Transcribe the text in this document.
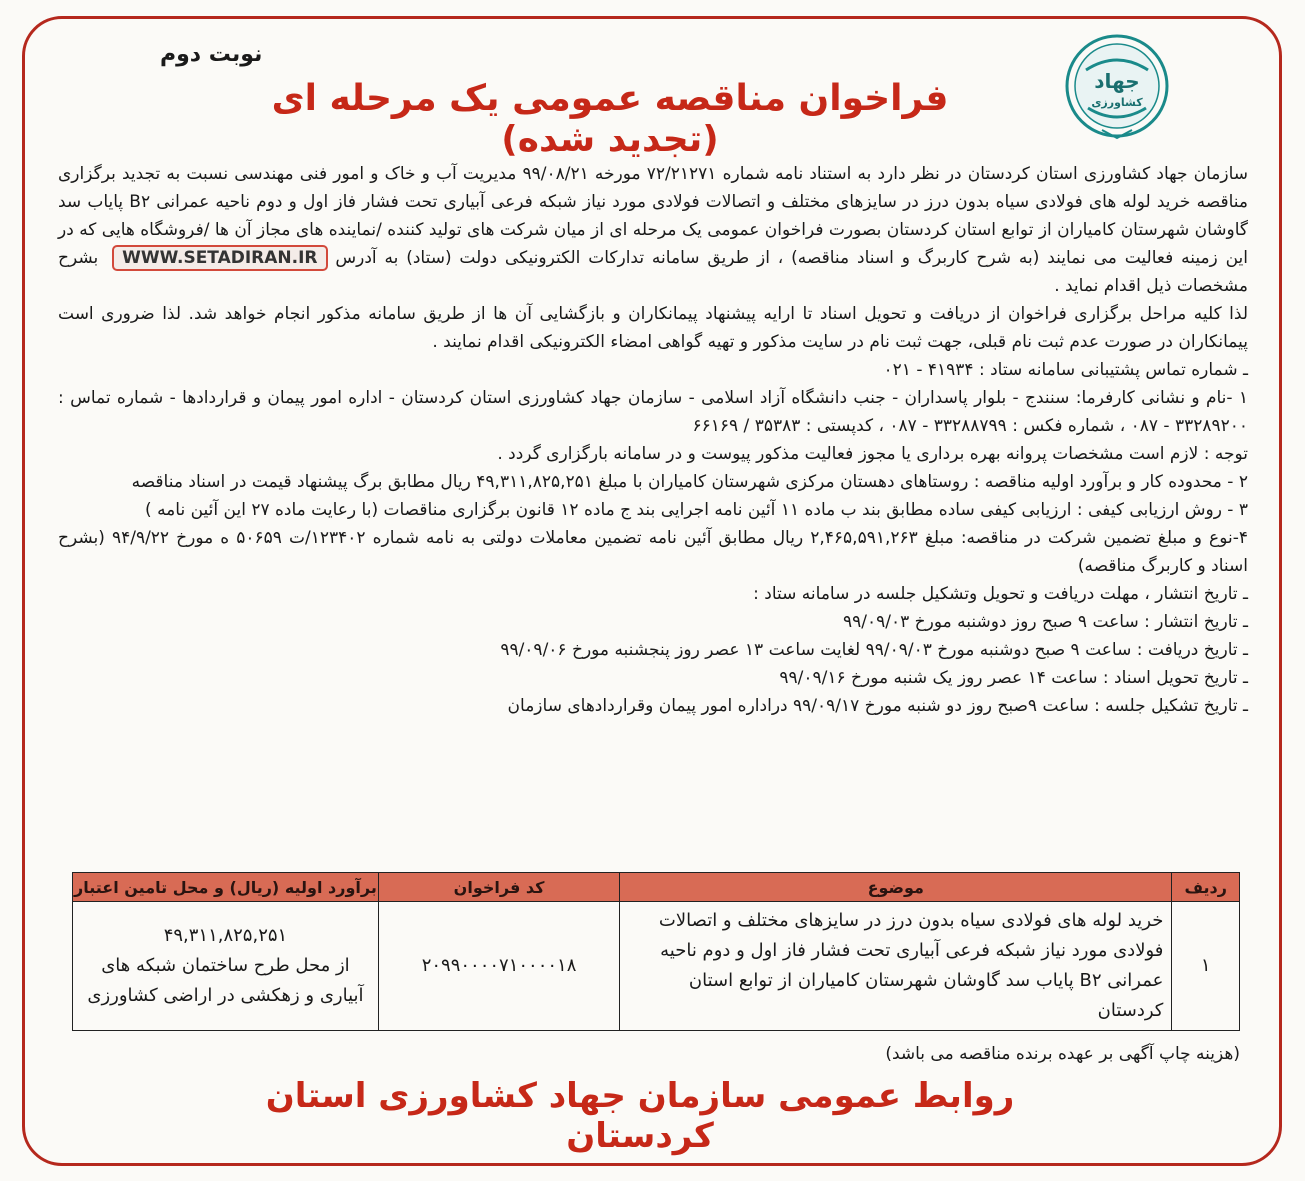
نوبت دوم
جهاد
کشاورزی
فراخوان مناقصه عمومی یک مرحله ای (تجدید شده)

سازمان جهاد کشاورزی استان کردستان در نظر دارد به استناد نامه شماره ۷۲/۲۱۲۷۱ مورخه ۹۹/۰۸/۲۱ مدیریت آب و خاک و امور فنی مهندسی نسبت به تجدید برگزاری مناقصه خرید لوله های فولادی سیاه بدون درز در سایزهای مختلف و اتصالات فولادی مورد نیاز شبکه فرعی آبیاری تحت فشار فاز اول و دوم ناحیه عمرانی B۲ پایاب سد گاوشان شهرستان کامیاران از توابع استان کردستان بصورت فراخوان عمومی یک مرحله ای از میان شرکت های تولید کننده /نماینده های مجاز آن ها /فروشگاه هایی که در این زمینه فعالیت می نمایند (به شرح کاربرگ و اسناد مناقصه) ، از طریق سامانه تدارکات الکترونیکی دولت (ستاد) به آدرس WWW.SETADIRAN.IR بشرح مشخصات ذیل اقدام نماید .

لذا کلیه مراحل برگزاری فراخوان از دریافت و تحویل اسناد تا ارایه پیشنهاد پیمانکاران و بازگشایی آن ها از طریق سامانه مذکور انجام خواهد شد. لذا ضروری است پیمانکاران در صورت عدم ثبت نام قبلی، جهت ثبت نام در سایت مذکور و تهیه گواهی امضاء الکترونیکی اقدام نمایند .

ـ شماره تماس پشتیبانی سامانه ستاد : ۴۱۹۳۴ - ۰۲۱

۱ -نام و نشانی کارفرما: سنندج - بلوار پاسداران - جنب دانشگاه آزاد اسلامی - سازمان جهاد کشاورزی استان کردستان - اداره امور پیمان و قراردادها - شماره تماس : ۳۳۲۸۹۲۰۰ - ۰۸۷ ، شماره فکس : ۳۳۲۸۸۷۹۹ - ۰۸۷ ، کدپستی : ۳۵۳۸۳ / ۶۶۱۶۹

توجه : لازم است مشخصات پروانه بهره برداری یا مجوز فعالیت مذکور پیوست و در سامانه بارگزاری گردد .

۲ - محدوده کار و برآورد اولیه مناقصه : روستاهای دهستان مرکزی شهرستان کامیاران با مبلغ ۴۹,۳۱۱,۸۲۵,۲۵۱ ریال مطابق برگ پیشنهاد قیمت در اسناد مناقصه

۳ - روش ارزیابی کیفی : ارزیابی کیفی ساده مطابق بند ب ماده ۱۱ آئین نامه اجرایی بند ج ماده ۱۲ قانون برگزاری مناقصات (با رعایت ماده ۲۷ این آئین نامه )

۴-نوع و مبلغ تضمین شرکت در مناقصه: مبلغ ۲,۴۶۵,۵۹۱,۲۶۳ ریال مطابق آئین نامه تضمین معاملات دولتی به نامه شماره ۱۲۳۴۰۲/ت ۵۰۶۵۹ ه مورخ ۹۴/۹/۲۲ (بشرح اسناد و کاربرگ مناقصه)

ـ تاریخ انتشار ، مهلت دریافت و تحویل وتشکیل جلسه در سامانه ستاد :

ـ تاریخ انتشار : ساعت ۹ صبح روز دوشنبه مورخ ۹۹/۰۹/۰۳

ـ تاریخ دریافت : ساعت ۹ صبح دوشنبه مورخ ۹۹/۰۹/۰۳ لغایت ساعت ۱۳ عصر روز پنجشنبه مورخ ۹۹/۰۹/۰۶

ـ تاریخ تحویل اسناد : ساعت ۱۴ عصر روز یک شنبه مورخ ۹۹/۰۹/۱۶

ـ تاریخ تشکیل جلسه : ساعت ۹صبح روز دو شنبه مورخ ۹۹/۰۹/۱۷ دراداره امور پیمان وقراردادهای سازمان

ردیف	موضوع	کد فراخوان	برآورد اولیه (ریال) و محل تامین اعتبار
۱	خرید لوله های فولادی سیاه بدون درز در سایزهای مختلف و اتصالات فولادی مورد نیاز شبکه فرعی آبیاری تحت فشار فاز اول و دوم ناحیه عمرانی B۲ پایاب سد گاوشان شهرستان کامیاران از توابع استان کردستان	۲۰۹۹۰۰۰۰۷۱۰۰۰۰۱۸	۴۹,۳۱۱,۸۲۵,۲۵۱
از محل طرح ساختمان شبکه های آبیاری و زهکشی در اراضی کشاورزی
(هزینه چاپ آگهی بر عهده برنده مناقصه می باشد)
روابط عمومی سازمان جهاد کشاورزی استان کردستان
